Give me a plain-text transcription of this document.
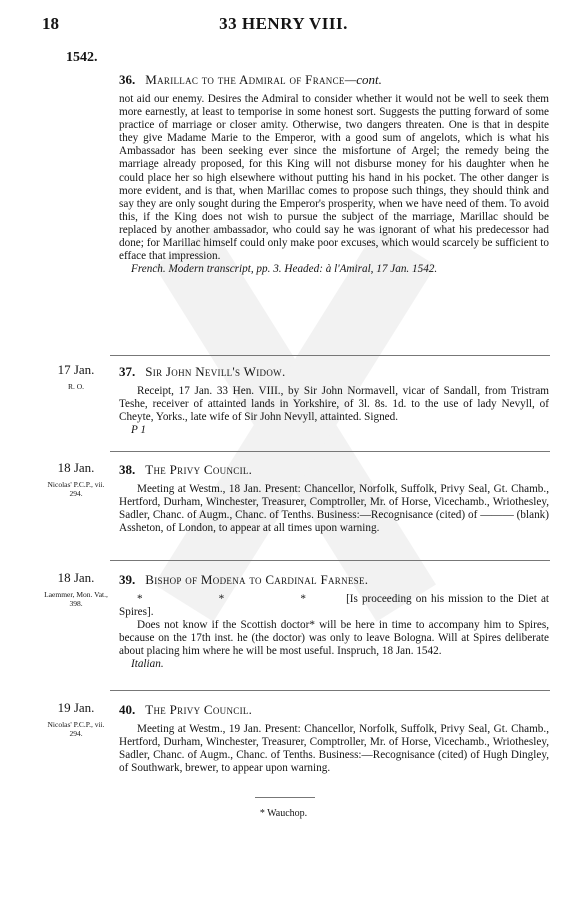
18	33 HENRY VIII.
1542.
36. Marillac to the Admiral of France—cont.

not aid our enemy. Desires the Admiral to consider whether it would not be well to seek them more earnestly, at least to temporise in some honest sort. Suggests the putting forward of some practice of marriage or closer amity. Otherwise, two dangers threaten. One is that in despite they give Madame Marie to the Emperor, with a good sum of angelots, which is what his Ambassador has been seeking ever since the misfortune of Argel; the remedy being the marriage already proposed, for this King will not disburse money for his daughter when he could place her so high elsewhere without putting his hand in his pocket. The other danger is more evident, and is that, when Marillac comes to propose such things, they should think and say they are only sought during the Emperor's prosperity, when we have need of them. To avoid this, if the King does not wish to pursue the subject of the marriage, Marillac should be replaced by another ambassador, who could say he was ignorant of what his predecessor had done; for Marillac himself could only make poor excuses, which would scarcely be sufficient to efface that impression.

French. Modern transcript, pp. 3. Headed: à l'Amiral, 17 Jan. 1542.

17 Jan.
R. O.
37. Sir John Nevill's Widow.

Receipt, 17 Jan. 33 Hen. VIII., by Sir John Normavell, vicar of Sandall, from Tristram Teshe, receiver of attainted lands in Yorkshire, of 3l. 8s. 1d. to the use of lady Nevyll, of Cheyte, Yorks., late wife of Sir John Nevyll, attainted. Signed.

P 1

18 Jan.
Nicolas' P.C.P., vii. 294.
38. The Privy Council.

Meeting at Westm., 18 Jan. Present: Chancellor, Norfolk, Suffolk, Privy Seal, Gt. Chamb., Hertford, Durham, Winchester, Treasurer, Comptroller, Mr. of Horse, Vicechamb., Wriothesley, Sadler, Chanc. of Augm., Chanc. of Tenths. Business:—Recognisance (cited) of ——— (blank) Assheton, of London, to appear at all times upon warning.

18 Jan.
Laemmer, Mon. Vat., 398.
39. Bishop of Modena to Cardinal Farnese.

* * * [Is proceeding on his mission to the Diet at Spires].

Does not know if the Scottish doctor* will be here in time to accompany him to Spires, because on the 17th inst. he (the doctor) was only to leave Bologna. Will at Spires deliberate about placing him where he will be most useful. Inspruch, 18 Jan. 1542.

Italian.

19 Jan.
Nicolas' P.C.P., vii. 294.
40. The Privy Council.

Meeting at Westm., 19 Jan. Present: Chancellor, Norfolk, Suffolk, Privy Seal, Gt. Chamb., Hertford, Durham, Winchester, Treasurer, Comptroller, Mr. of Horse, Vicechamb., Wriothesley, Sadler, Chanc. of Augm., Chanc. of Tenths. Business:—Recognisance (cited) of Hugh Dingley, of Southwark, brewer, to appear upon warning.

* Wauchop.
